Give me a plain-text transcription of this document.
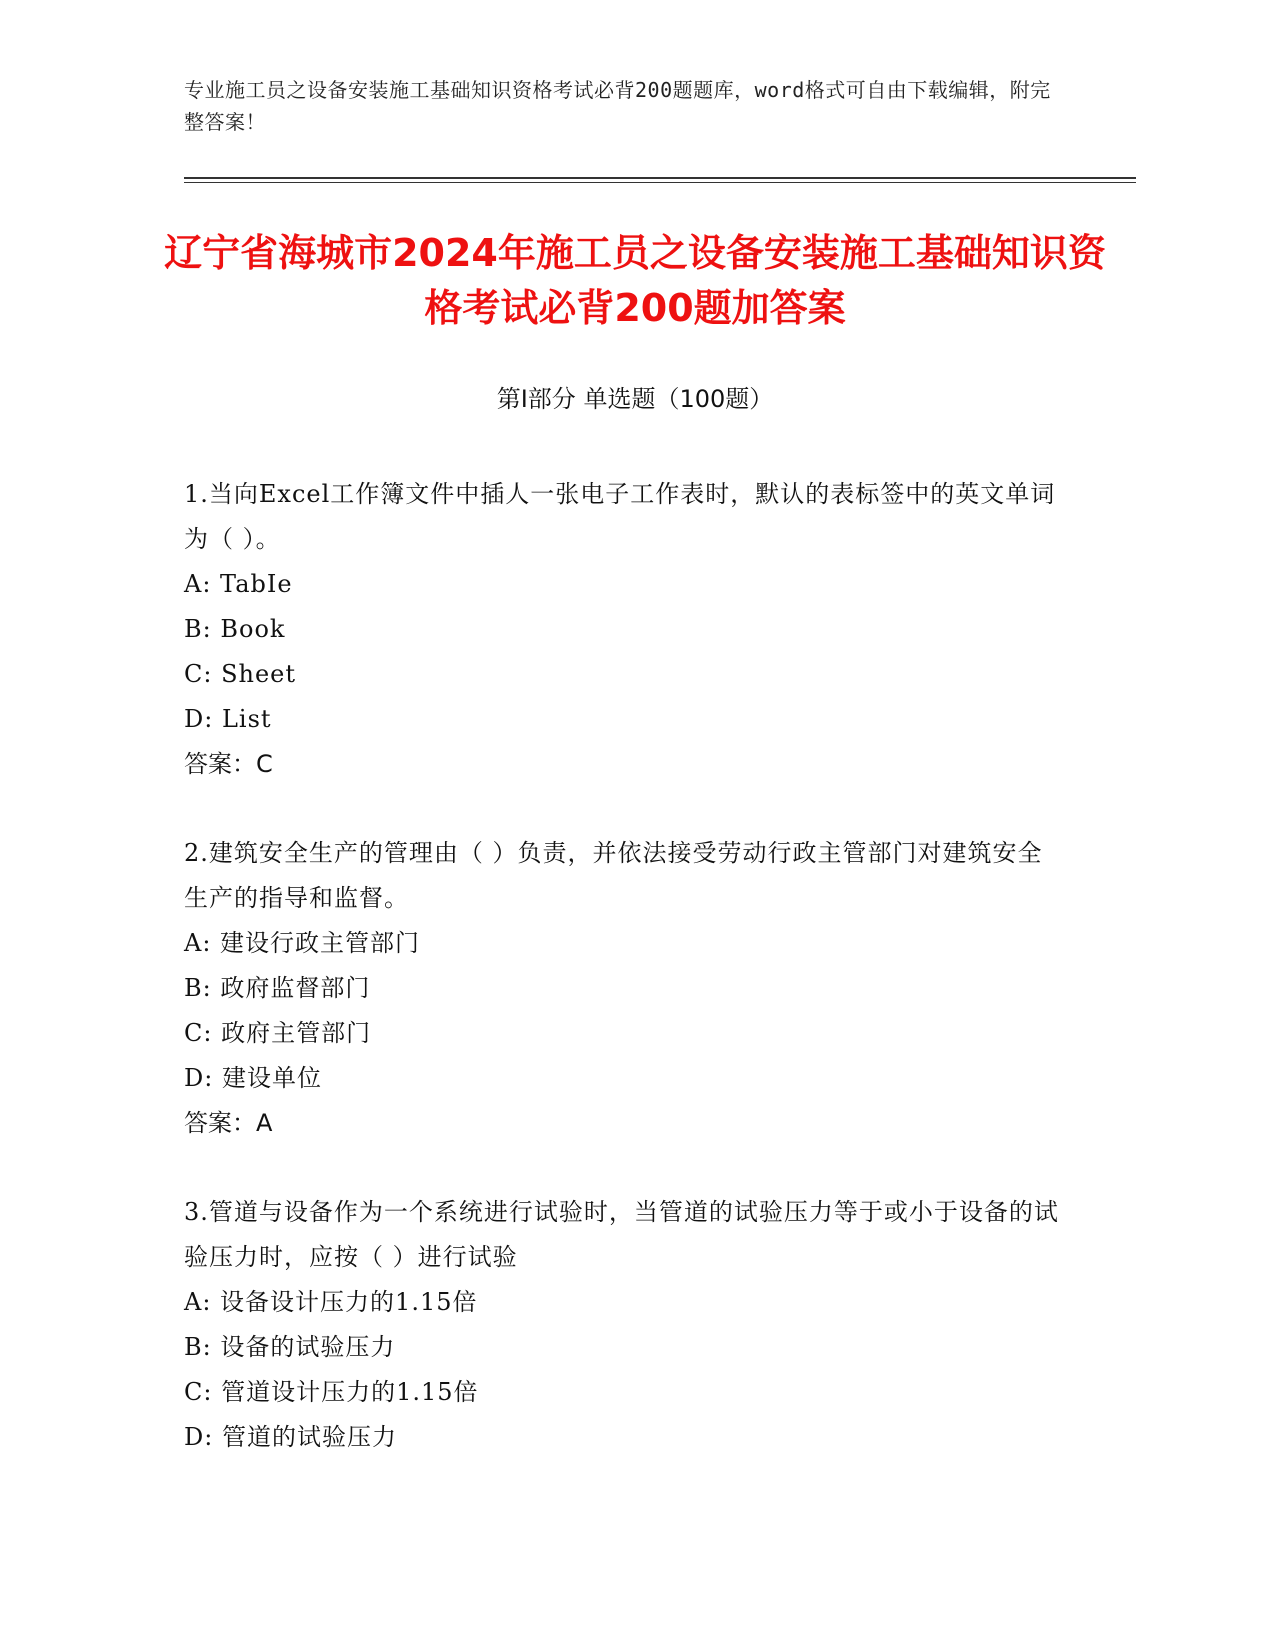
专业施工员之设备安装施工基础知识资格考试必背200题题库，word格式可自由下载编辑，附完整答案！
辽宁省海城市2024年施工员之设备安装施工基础知识资格考试必背200题加答案
第Ⅰ部分 单选题（100题）

1.当向Excel工作簿文件中插人一张电子工作表时，默认的表标签中的英文单词为（ ）。

A: TabIe

B: Book

C: Sheet

D: List

答案：C

2.建筑安全生产的管理由（ ）负责，并依法接受劳动行政主管部门对建筑安全生产的指导和监督。

A: 建设行政主管部门

B: 政府监督部门

C: 政府主管部门

D: 建设单位

答案：A

3.管道与设备作为一个系统进行试验时，当管道的试验压力等于或小于设备的试验压力时，应按（ ）进行试验

A: 设备设计压力的1.15倍

B: 设备的试验压力

C: 管道设计压力的1.15倍

D: 管道的试验压力
